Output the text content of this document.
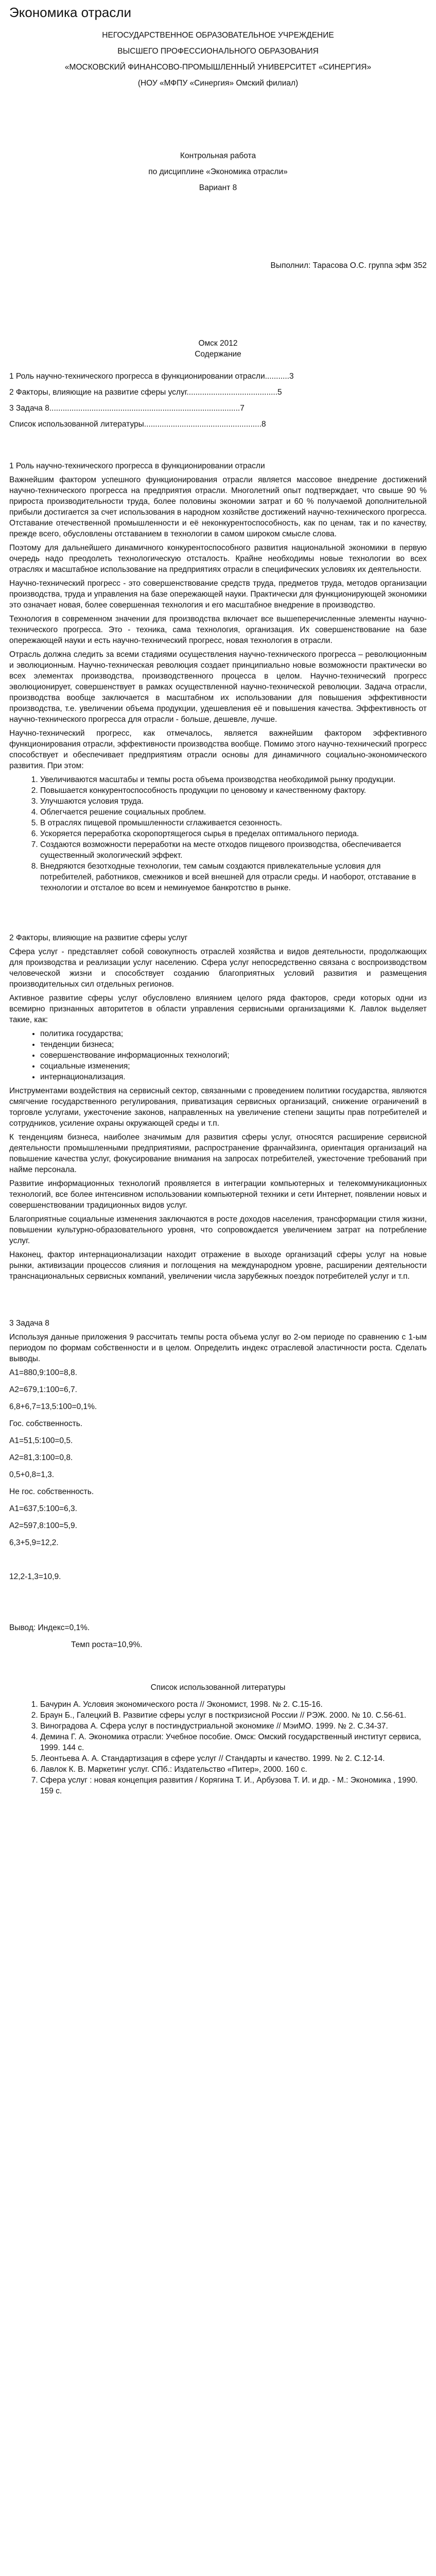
Экономика отрасли

НЕГОСУДАРСТВЕННОЕ ОБРАЗОВАТЕЛЬНОЕ УЧРЕЖДЕНИЕ

ВЫСШЕГО ПРОФЕССИОНАЛЬНОГО ОБРАЗОВАНИЯ

«МОСКОВСКИЙ ФИНАНСОВО-ПРОМЫШЛЕННЫЙ УНИВЕРСИТЕТ «СИНЕРГИЯ»

(НОУ «МФПУ «Синергия» Омский филиал)

Контрольная работа

по дисциплине «Экономика отрасли»

Вариант 8

Выполнил: Тарасова О.С. группа эфм 352

Омск 2012

Содержание

1 Роль научно-технического прогресса в функционировании отрасли...........3

2 Факторы, влияющие на развитие сферы услуг.........................................5

3 Задача 8......................................................................................7

Список использованной литературы.....................................................8

1 Роль научно-технического прогресса в функционировании отрасли

Важнейшим фактором успешного функционирования отрасли является массовое внедрение достижений научно-технического прогресса на предприятия отрасли. Многолетний опыт подтверждает, что свыше 90 % прироста производительности труда, более половины экономии затрат и 60 % получаемой дополнительной прибыли достигается за счет использования в народном хозяйстве достижений научно-технического прогресса. Отставание отечественной промышленности и её неконкурентоспособность, как по ценам, так и по качеству, прежде всего, обусловлены отставанием в технологии в самом широком смысле слова.

Поэтому для дальнейшего динамичного конкурентоспособного развития национальной экономики в первую очередь надо преодолеть технологическую отсталость. Крайне необходимы новые технологии во всех отраслях и масштабное использование на предприятиях отрасли в специфических условиях их деятельности.

Научно-технический прогресс - это совершенствование средств труда, предметов труда, методов организации производства, труда и управления на базе опережающей науки. Практически для функционирующей экономики это означает новая, более совершенная технология и его масштабное внедрение в производство.

Технология в современном значении для производства включает все вышеперечисленные элементы научно-технического прогресса. Это - техника, сама технология, организация. Их совершенствование на базе опережающей науки и есть научно-технический прогресс, новая технология в отрасли.

Отрасль должна следить за всеми стадиями осуществления научно-технического прогресса – революционным и эволюционным. Научно-техническая революция создает принципиально новые возможности практически во всех элементах производства, производственного процесса в целом. Научно-технический прогресс эволюционирует, совершенствует в рамках осуществленной научно-технической революции. Задача отрасли, производства вообще заключается в масштабном их использовании для повышения эффективности производства, т.е. увеличении объема продукции, удешевления её и повышения качества. Эффективность от научно-технического прогресса для отрасли - больше, дешевле, лучше.

Научно-технический прогресс, как отмечалось, является важнейшим фактором эффективного функционирования отрасли, эффективности производства вообще. Помимо этого научно-технический прогресс способствует и обеспечивает предприятиям отрасли основы для динамичного социально-экономического развития. При этом:

1. Увеличиваются масштабы и темпы роста объема производства необходимой рынку продукции.
2. Повышается конкурентоспособность продукции по ценовому и качественному фактору.
3. Улучшаются условия труда.
4. Облегчается решение социальных проблем.
5. В отраслях пищевой промышленности сглаживается сезонность.
6. Ускоряется переработка скоропортящегося сырья в пределах оптимального периода.
7. Создаются возможности переработки на месте отходов пищевого производства, обеспечивается существенный экологический эффект.
8. Внедряются безотходные технологии, тем самым создаются привлекательные условия для потребителей, работников, смежников и всей внешней для отрасли среды. И наоборот, отставание в технологии и отсталое во всем и неминуемое банкротство в рынке.

2 Факторы, влияющие на развитие сферы услуг

Сфера услуг - представляет собой совокупность отраслей хозяйства и видов деятельности, продолжающих для производства и реализации услуг населению. Сфера услуг непосредственно связана с воспроизводством человеческой жизни и способствует созданию благоприятных условий развития и размещения производительных сил отдельных регионов.

Активное развитие сферы услуг обусловлено влиянием целого ряда факторов, среди которых одни из всемирно признанных авторитетов в области управления сервисными организациями К. Лавлок выделяет такие, как:

• политика государства;
• тенденции бизнеса;
• совершенствование информационных технологий;
• социальные изменения;
• интернационализация.

Инструментами воздействия на сервисный сектор, связанными с проведением политики государства, являются смягчение государственного регулирования, приватизация сервисных организаций, снижение ограничений в торговле услугами, ужесточение законов, направленных на увеличение степени защиты прав потребителей и сотрудников, усиление охраны окружающей среды и т.п.

К тенденциям бизнеса, наиболее значимым для развития сферы услуг, относятся расширение сервисной деятельности промышленными предприятиями, распространение франчайзинга, ориентация организаций на повышение качества услуг, фокусирование внимания на запросах потребителей, ужесточение требований при найме персонала.

Развитие информационных технологий проявляется в интеграции компьютерных и телекоммуникационных технологий, все более интенсивном использовании компьютерной техники и сети Интернет, появлении новых и совершенствовании традиционных видов услуг.

Благоприятные социальные изменения заключаются в росте доходов населения, трансформации стиля жизни, повышении культурно-образовательного уровня, что сопровождается увеличением затрат на потребление услуг.

Наконец, фактор интернационализации находит отражение в выходе организаций сферы услуг на новые рынки, активизации процессов слияния и поглощения на международном уровне, расширении деятельности транснациональных сервисных компаний, увеличении числа зарубежных поездок потребителей услуг и т.п.

3 Задача 8

Используя данные приложения 9 рассчитать темпы роста объема услуг во 2-ом периоде по сравнению с 1-ым периодом по формам собственности и в целом. Определить индекс отраслевой эластичности роста. Сделать выводы.

А1=880,9:100=8,8.

А2=679,1:100=6,7.

6,8+6,7=13,5:100=0,1%.

Гос. собственность.

А1=51,5:100=0,5.

А2=81,3:100=0,8.

0,5+0,8=1,3.

Не гос. собственность.

А1=637,5:100=6,3.

А2=597,8:100=5,9.

6,3+5,9=12,2.

12,2-1,3=10,9.

Вывод: Индекс=0,1%.

Темп роста=10,9%.

Список использованной литературы

1. Бачурин А. Условия экономического роста // Экономист, 1998. № 2. С.15-16.
2. Браун Б., Галецкий В. Развитие сферы услуг в посткризисной России // РЭЖ. 2000. № 10. С.56-61.
3. Виноградова А. Сфера услуг в постиндустриальной экономике // МэиМО. 1999. № 2. С.34-37.
4. Демина Г. А. Экономика отрасли: Учебное пособие. Омск: Омский государственный институт сервиса, 1999. 144 с.
5. Леонтьева А. А. Стандартизация в сфере услуг // Стандарты и качество. 1999. № 2. С.12-14.
6. Лавлок К. В. Маркетинг услуг. СПб.: Издательство «Питер», 2000. 160 с.
7. Сфера услуг : новая концепция развития / Корягина Т. И., Арбузова Т. И. и др. - М.: Экономика , 1990. 159 с.
